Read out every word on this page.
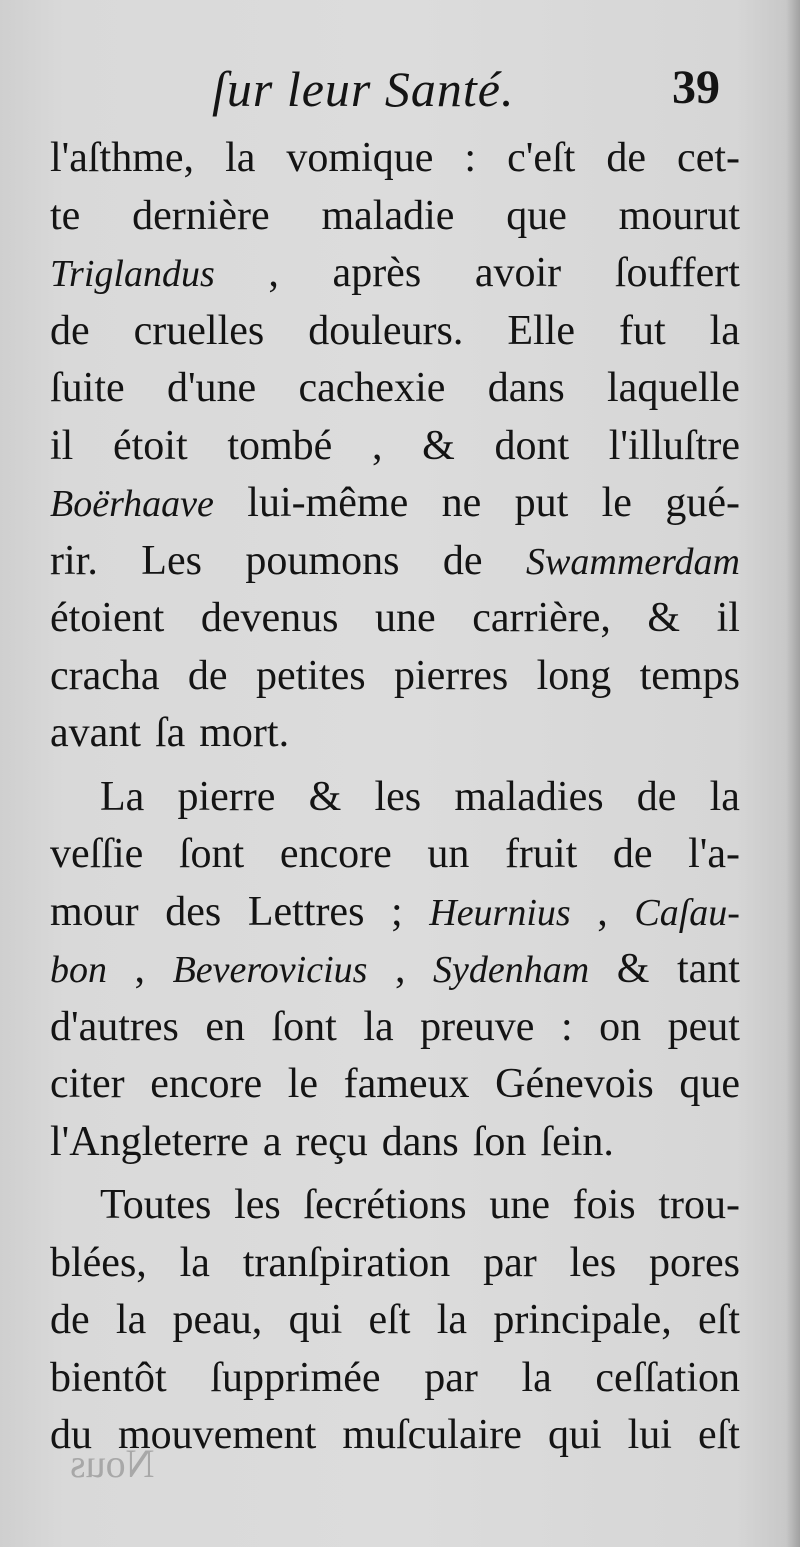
ſur leur Santé.	39
l'aſthme, la vomique : c'eſt de cet-
te dernière maladie que mourut
Triglandus , après avoir ſouffert
de cruelles douleurs. Elle fut la
ſuite d'une cachexie dans laquelle
il étoit tombé , & dont l'illuſtre
Boërhaave lui-même ne put le gué-
rir. Les poumons de Swammerdam
étoient devenus une carrière, & il
cracha de petites pierres long temps
avant ſa mort.
La pierre & les maladies de la
veſſie ſont encore un fruit de l'a-
mour des Lettres ; Heurnius , Caſau-
bon , Beverovicius , Sydenham & tant
d'autres en ſont la preuve : on peut
citer encore le fameux Génevois que
l'Angleterre a reçu dans ſon ſein.
Toutes les ſecrétions une fois trou-
blées, la tranſpiration par les pores
de la peau, qui eſt la principale, eſt
bientôt ſupprimée par la ceſſation
du mouvement muſculaire qui lui eſt
Nous
